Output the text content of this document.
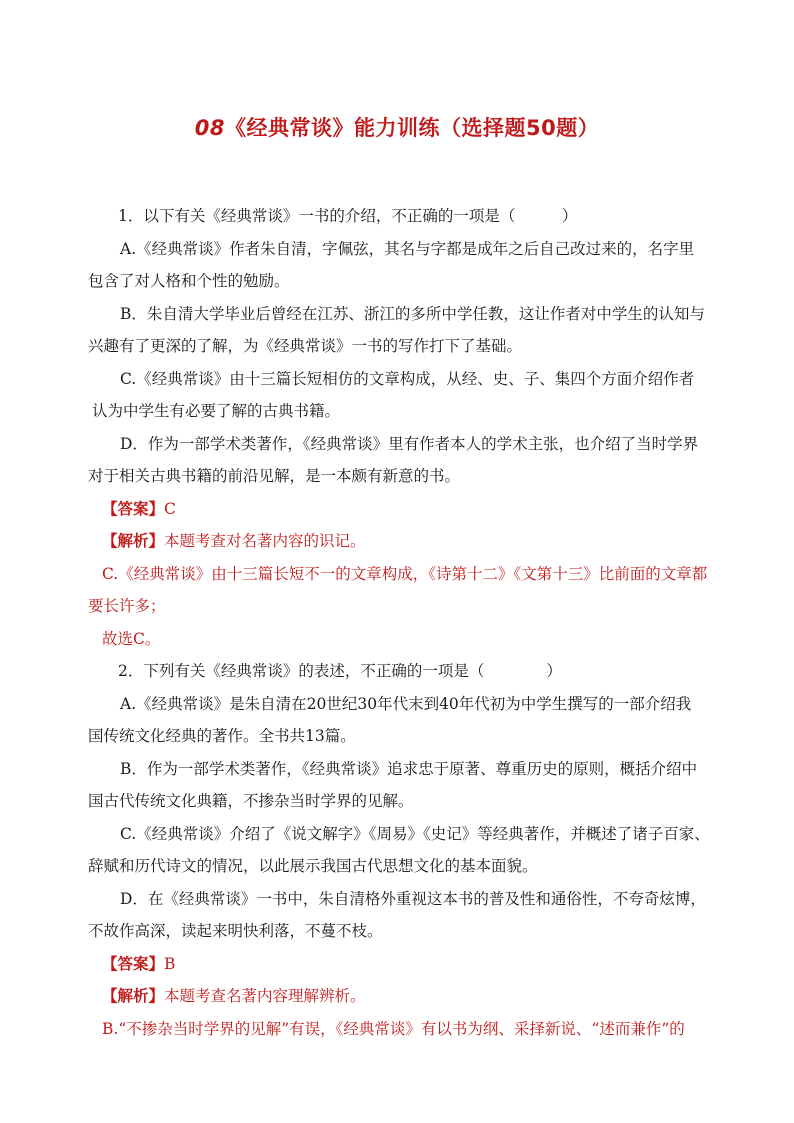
08《经典常谈》能力训练（选择题50题）
1．以下有关《经典常谈》一书的介绍，不正确的一项是（　　　）
A.《经典常谈》作者朱自清，字佩弦，其名与字都是成年之后自己改过来的，名字里
包含了对人格和个性的勉励。
B．朱自清大学毕业后曾经在江苏、浙江的多所中学任教，这让作者对中学生的认知与
兴趣有了更深的了解，为《经典常谈》一书的写作打下了基础。
C.《经典常谈》由十三篇长短相仿的文章构成，从经、史、子、集四个方面介绍作者
认为中学生有必要了解的古典书籍。
D．作为一部学术类著作，《经典常谈》里有作者本人的学术主张，也介绍了当时学界
对于相关古典书籍的前沿见解，是一本颇有新意的书。
【答案】C
【解析】本题考查对名著内容的识记。
C.《经典常谈》由十三篇长短不一的文章构成，《诗第十二》《文第十三》比前面的文章都
要长许多；
故选C。
2．下列有关《经典常谈》的表述，不正确的一项是（　　　　）
A.《经典常谈》是朱自清在20世纪30年代末到40年代初为中学生撰写的一部介绍我
国传统文化经典的著作。全书共13篇。
B．作为一部学术类著作，《经典常谈》追求忠于原著、尊重历史的原则，概括介绍中
国古代传统文化典籍，不掺杂当时学界的见解。
C.《经典常谈》介绍了《说文解字》《周易》《史记》等经典著作，并概述了诸子百家、
辞赋和历代诗文的情况，以此展示我国古代思想文化的基本面貌。
D．在《经典常谈》一书中，朱自清格外重视这本书的普及性和通俗性，不夸奇炫博，
不故作高深，读起来明快利落，不蔓不枝。
【答案】B
【解析】本题考查名著内容理解辨析。
B.“不掺杂当时学界的见解”有误，《经典常谈》有以书为纲、采择新说、“述而兼作”的
